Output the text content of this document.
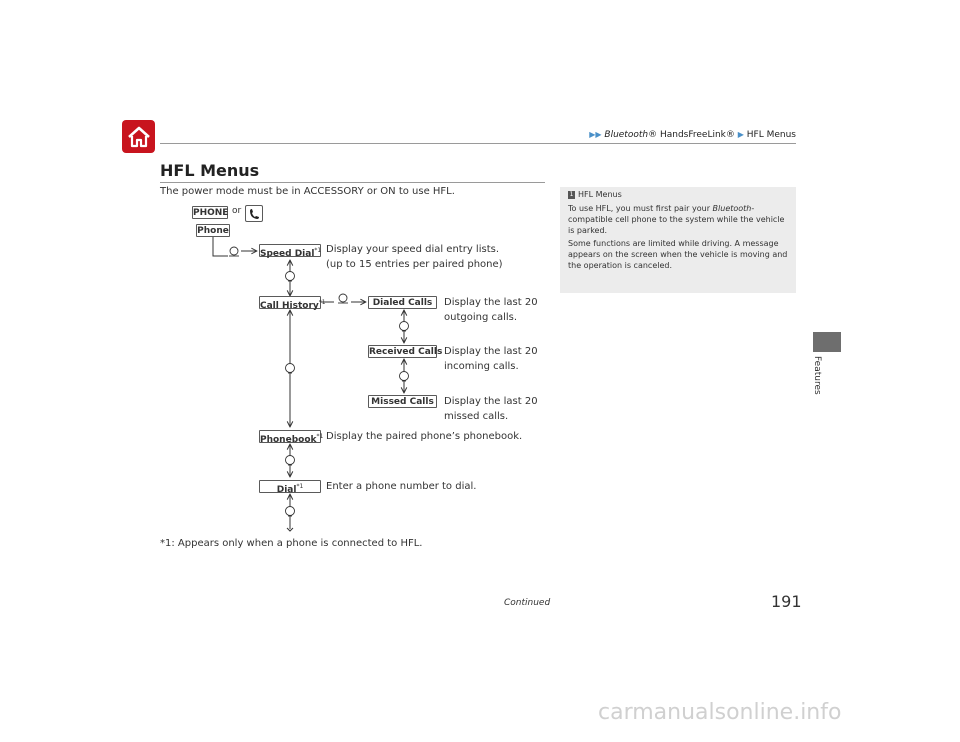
▶▶ Bluetooth® HandsFreeLink® ▶ HFL Menus
Features
HFL Menus
The power mode must be in ACCESSORY or ON to use HFL.
PHONE or
Phone
Speed Dial$^{*1}$ Display your speed dial entry lists.
(up to 15 entries per paired phone)
Call History$^{*1}$	Dialed Calls	Display the last 20
outgoing calls.
Received Calls Display the last 20
incoming calls.
Missed Calls	Display the last 20
missed calls.
Phonebook$^{*1}$ Display the paired phone’s phonebook.
Dial$^{*1}$	Enter a phone number to dial.
*1: Appears only when a phone is connected to HFL.
1 HFL Menus
To use HFL, you must first pair your Bluetooth-compatible cell phone to the system while the vehicle is parked.
Some functions are limited while driving. A message appears on the screen when the vehicle is moving and the operation is canceled.
Continued	191
carmanualsonline.info
